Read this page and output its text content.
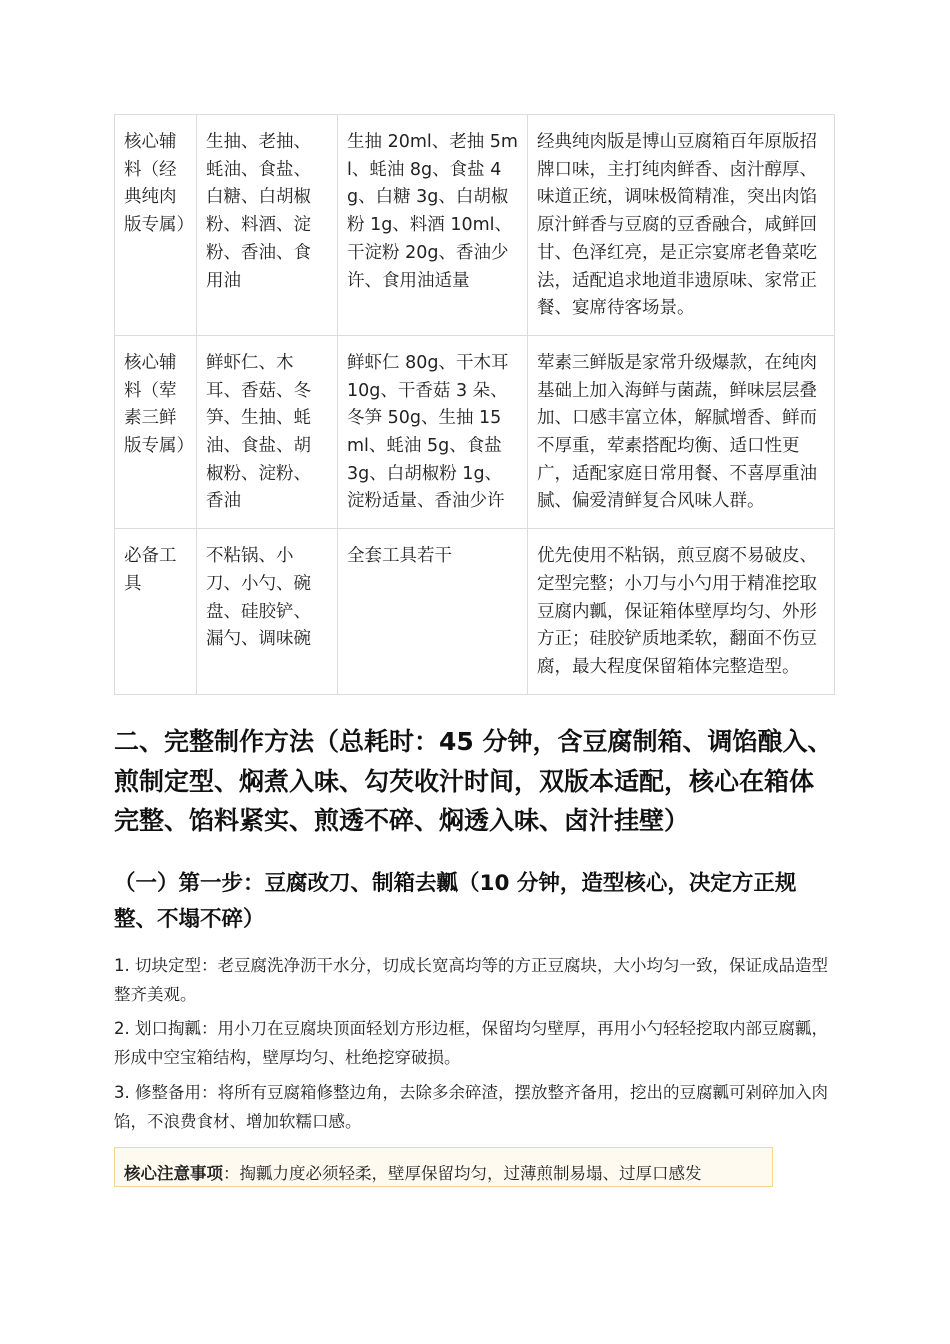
核心辅料（经典纯肉版专属）	生抽、老抽、蚝油、食盐、白糖、白胡椒粉、料酒、淀粉、香油、食用油	生抽 20ml、老抽 5ml、蚝油 8g、食盐 4g、白糖 3g、白胡椒粉 1g、料酒 10ml、干淀粉 20g、香油少许、食用油适量	经典纯肉版是博山豆腐箱百年原版招牌口味，主打纯肉鲜香、卤汁醇厚、味道正统，调味极简精准，突出肉馅原汁鲜香与豆腐的豆香融合，咸鲜回甘、色泽红亮，是正宗宴席老鲁菜吃法，适配追求地道非遗原味、家常正餐、宴席待客场景。
核心辅料（荤素三鲜版专属）	鲜虾仁、木耳、香菇、冬笋、生抽、蚝油、食盐、胡椒粉、淀粉、香油	鲜虾仁 80g、干木耳 10g、干香菇 3 朵、冬笋 50g、生抽 15ml、蚝油 5g、食盐 3g、白胡椒粉 1g、淀粉适量、香油少许	荤素三鲜版是家常升级爆款，在纯肉基础上加入海鲜与菌蔬，鲜味层层叠加、口感丰富立体，解腻增香、鲜而不厚重，荤素搭配均衡、适口性更广，适配家庭日常用餐、不喜厚重油腻、偏爱清鲜复合风味人群。
必备工具	不粘锅、小刀、小勺、碗盘、硅胶铲、漏勺、调味碗	全套工具若干	优先使用不粘锅，煎豆腐不易破皮、定型完整；小刀与小勺用于精准挖取豆腐内瓤，保证箱体壁厚均匀、外形方正；硅胶铲质地柔软，翻面不伤豆腐，最大程度保留箱体完整造型。
二、完整制作方法（总耗时：45 分钟，含豆腐制箱、调馅酿入、煎制定型、焖煮入味、勾芡收汁时间，双版本适配，核心在箱体完整、馅料紧实、煎透不碎、焖透入味、卤汁挂壁）
（一）第一步：豆腐改刀、制箱去瓤（10 分钟，造型核心，决定方正规整、不塌不碎）
1. 切块定型：老豆腐洗净沥干水分，切成长宽高均等的方正豆腐块，大小均匀一致，保证成品造型整齐美观。
2. 划口掏瓤：用小刀在豆腐块顶面轻划方形边框，保留均匀壁厚，再用小勺轻轻挖取内部豆腐瓤，形成中空宝箱结构，壁厚均匀、杜绝挖穿破损。
3. 修整备用：将所有豆腐箱修整边角，去除多余碎渣，摆放整齐备用，挖出的豆腐瓤可剁碎加入肉馅，不浪费食材、增加软糯口感。
核心注意事项：掏瓤力度必须轻柔，壁厚保留均匀，过薄煎制易塌、过厚口感发
